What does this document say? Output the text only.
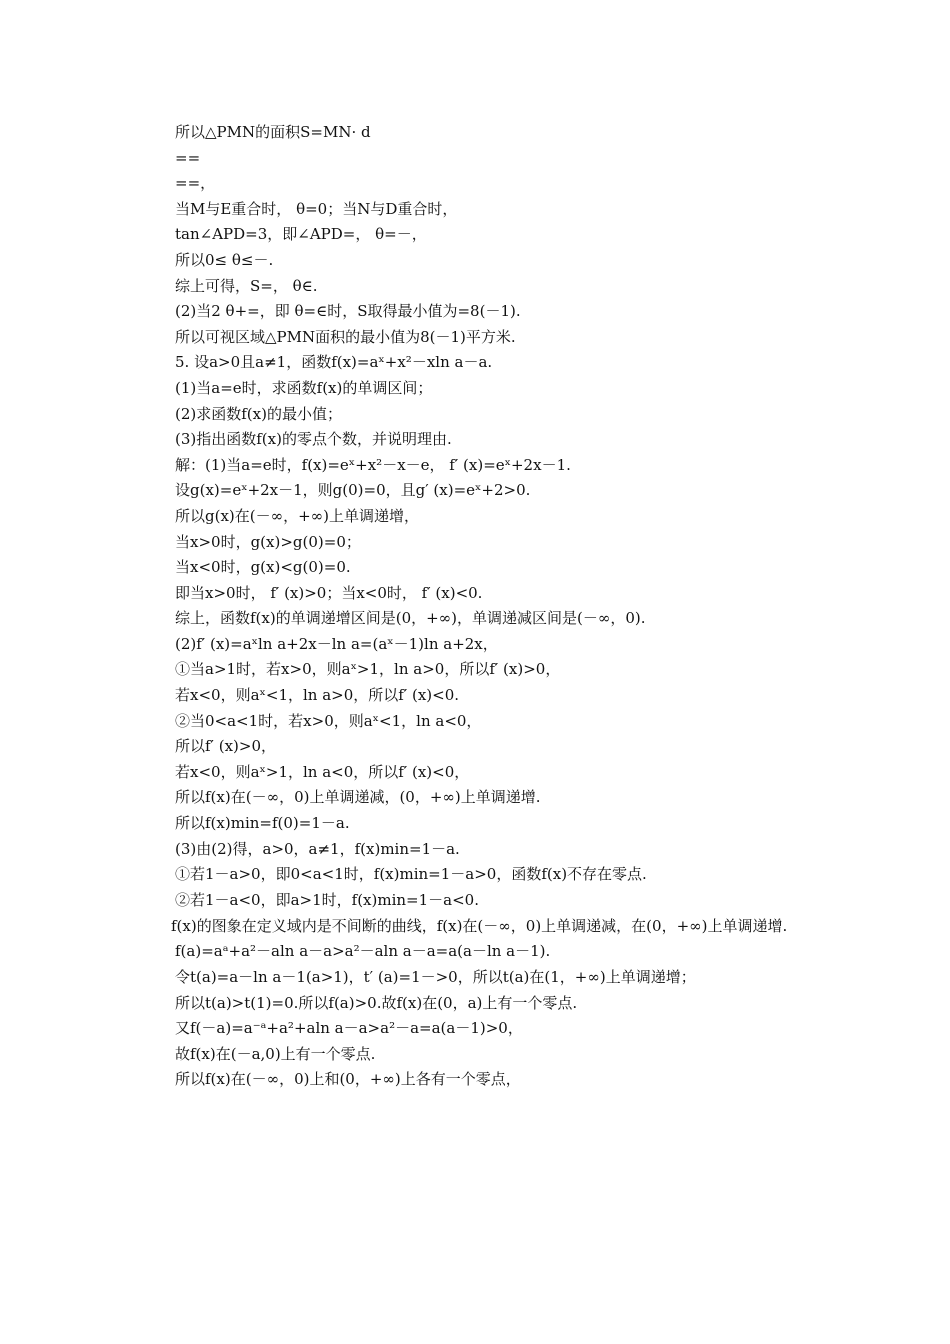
所以△PMN的面积S=MN· d
==
==，
当M与E重合时， θ=0；当N与D重合时，
tan∠APD=3，即∠APD=， θ=－，
所以0≤ θ≤－.
综上可得，S=， θ∈.
(2)当2 θ+=，即 θ=∈时，S取得最小值为=8(－1).
所以可视区域△PMN面积的最小值为8(－1)平方米.
5. 设a>0且a≠1，函数f(x)=aˣ+x²－xln a－a.
(1)当a=e时，求函数f(x)的单调区间；
(2)求函数f(x)的最小值；
(3)指出函数f(x)的零点个数，并说明理由.
解：(1)当a=e时，f(x)=eˣ+x²－x－e， f′ (x)=eˣ+2x－1.
设g(x)=eˣ+2x－1，则g(0)=0，且g′ (x)=eˣ+2>0.
所以g(x)在(－∞，+∞)上单调递增，
当x>0时，g(x)>g(0)=0；
当x<0时，g(x)<g(0)=0.
即当x>0时， f′ (x)>0；当x<0时， f′ (x)<0.
综上，函数f(x)的单调递增区间是(0，+∞)，单调递减区间是(－∞，0).
(2)f′ (x)=aˣln a+2x－ln a=(aˣ－1)ln a+2x，
①当a>1时，若x>0，则aˣ>1，ln a>0，所以f′ (x)>0，
若x<0，则aˣ<1，ln a>0，所以f′ (x)<0.
②当0<a<1时，若x>0，则aˣ<1，ln a<0，
所以f′ (x)>0，
若x<0，则aˣ>1，ln a<0，所以f′ (x)<0，
所以f(x)在(－∞，0)上单调递减，(0，+∞)上单调递增.
所以f(x)min=f(0)=1－a.
(3)由(2)得，a>0，a≠1，f(x)min=1－a.
①若1－a>0，即0<a<1时，f(x)min=1－a>0，函数f(x)不存在零点.
②若1－a<0，即a>1时，f(x)min=1－a<0.
f(x)的图象在定义域内是不间断的曲线，f(x)在(－∞，0)上单调递减，在(0，+∞)上单调递增.
f(a)=aᵃ+a²－aln a－a>a²－aln a－a=a(a－ln a－1).
令t(a)=a－ln a－1(a>1)，t′ (a)=1－>0，所以t(a)在(1，+∞)上单调递增；
所以t(a)>t(1)=0.所以f(a)>0.故f(x)在(0，a)上有一个零点.
又f(－a)=a⁻ᵃ+a²+aln a－a>a²－a=a(a－1)>0，
故f(x)在(－a,0)上有一个零点.
所以f(x)在(－∞，0)上和(0，+∞)上各有一个零点，
